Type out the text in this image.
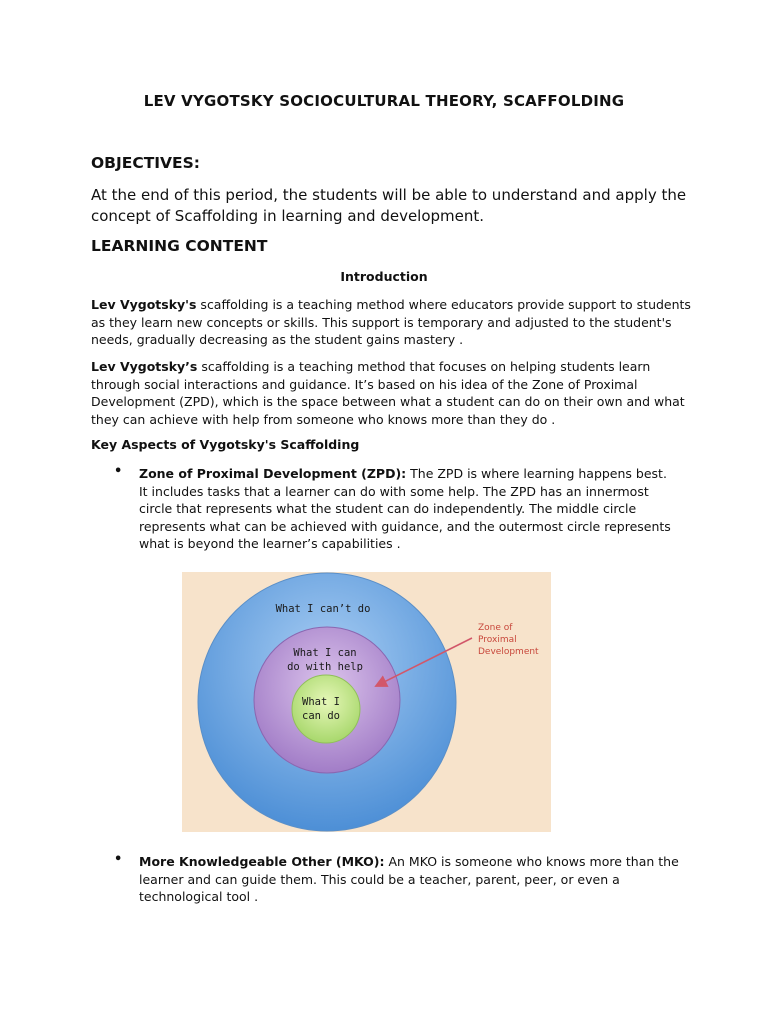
LEV VYGOTSKY SOCIOCULTURAL THEORY, SCAFFOLDING
OBJECTIVES:

At the end of this period, the students will be able to understand and apply the concept of Scaffolding in learning and development.

LEARNING CONTENT
Introduction

Lev Vygotsky's scaffolding is a teaching method where educators provide support to students as they learn new concepts or skills. This support is temporary and adjusted to the student's needs, gradually decreasing as the student gains mastery .

Lev Vygotsky’s scaffolding is a teaching method that focuses on helping students learn through social interactions and guidance. It’s based on his idea of the Zone of Proximal Development (ZPD), which is the space between what a student can do on their own and what they can achieve with help from someone who knows more than they do .

Key Aspects of Vygotsky's Scaffolding
• Zone of Proximal Development (ZPD): The ZPD is where learning happens best. It includes tasks that a learner can do with some help. The ZPD has an innermost circle that represents what the student can do independently. The middle circle represents what can be achieved with guidance, and the outermost circle represents what is beyond the learner’s capabilities .

What I can’t do
What I can
do with help
What I
can do
Zone of
Proximal
Development
• More Knowledgeable Other (MKO): An MKO is someone who knows more than the learner and can guide them. This could be a teacher, parent, peer, or even a technological tool .
